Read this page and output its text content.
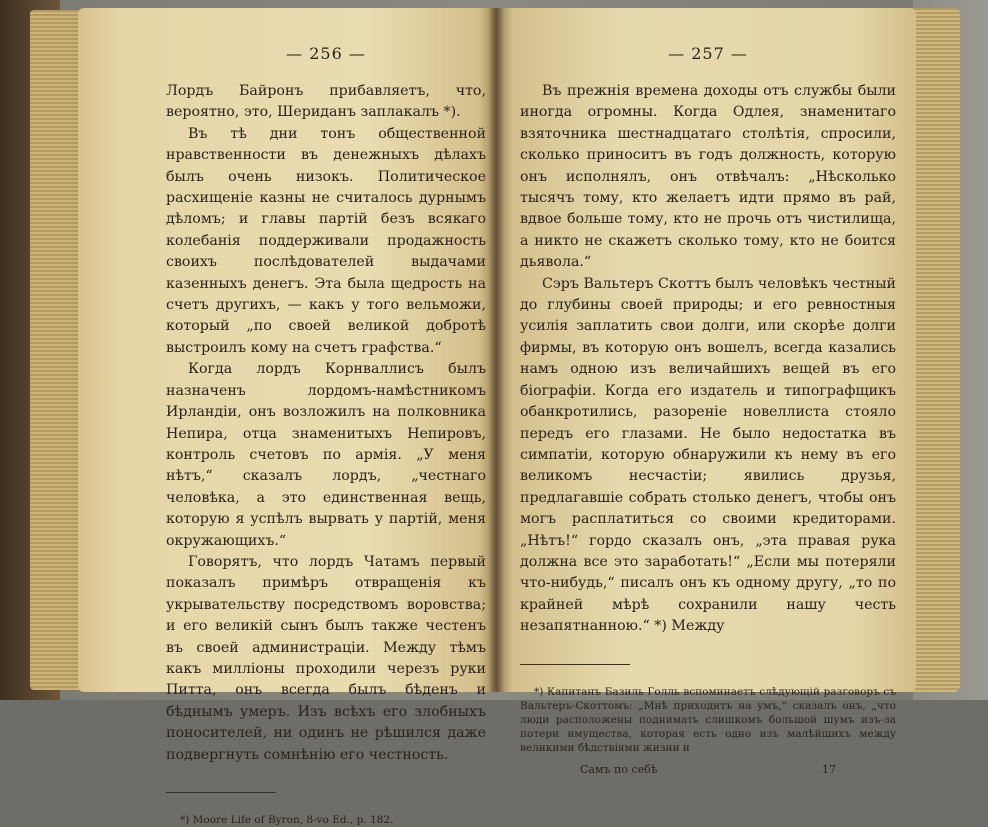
— 256 —

Лордъ Байронъ прибавляетъ, что, вероятно, это, Шериданъ заплакалъ *).

Въ тѣ дни тонъ общественной нравственности въ денежныхъ дѣлахъ былъ очень низокъ. Политическое расхищеніе казны не считалось дурнымъ дѣломъ; и главы партій безъ всякаго колебанія поддерживали продажность своихъ послѣдователей выдачами казенныхъ денегъ. Эта была щедрость на счетъ другихъ, — какъ у того вельможи, который „по своей великой добротѣ выстроилъ кому на счетъ графства.“

Когда лордъ Корнваллисъ былъ назначенъ лордомъ-намѣстникомъ Ирландіи, онъ возложилъ на полковника Непира, отца знаменитыхъ Непировъ, контроль счетовъ по армія. „У меня нѣтъ,“ сказалъ лордъ, „честнаго человѣка, а это единственная вещь, которую я успѣлъ вырвать у партій, меня окружающихъ.“

Говорятъ, что лордъ Чатамъ первый показалъ примѣръ отвращенія къ укрывательству посредствомъ воровства; и его великій сынъ былъ также честенъ въ своей администраціи. Между тѣмъ какъ милліоны проходили черезъ руки Питта, онъ всегда былъ бѣденъ и бѣднымъ умеръ. Изъ всѣхъ его злобныхъ поносителей, ни одинъ не рѣшился даже подвергнуть сомнѣнію его честность.

*) Moore Life of Byron, 8-vo Ed., p. 182.

— 257 —

Въ прежнія времена доходы отъ службы были иногда огромны. Когда Одлея, знаменитаго взяточника шестнадцатаго столѣтія, спросили, сколько приноситъ въ годъ должность, которую онъ исполнялъ, онъ отвѣчалъ: „Нѣсколько тысячъ тому, кто желаетъ идти прямо въ рай, вдвое больше тому, кто не прочь отъ чистилища, а никто не скажетъ сколько тому, кто не боится дьявола.“

Сэръ Вальтеръ Скоттъ былъ человѣкъ честный до глубины своей природы; и его ревностныя усилія заплатить свои долги, или скорѣе долги фирмы, въ которую онъ вошелъ, всегда казались намъ одною изъ величайшихъ вещей въ его біографіи. Когда его издатель и типографщикъ обанкротились, разореніе новеллиста стояло передъ его глазами. Не было недостатка въ симпатіи, которую обнаружили къ нему въ его великомъ несчастіи; явились друзья, предлагавшіе собрать столько денегъ, чтобы онъ могъ расплатиться со своими кредиторами. „Нѣтъ!“ гордо сказалъ онъ, „эта правая рука должна все это заработать!“ „Если мы потеряли что-нибудь,“ писалъ онъ къ одному другу, „то по крайней мѣрѣ сохранили нашу честь незапятнанною.“ *) Между

*) Капитанъ Базиль Голль вспоминаетъ слѣдующій разговоръ съ Вальтеръ-Скоттомъ: „Мнѣ приходитъ на умъ,“ сказалъ онъ, „что люди расположены поднимать слишкомъ большой шумъ изъ-за потери имущества, которая есть одно изъ малѣйшихъ между великими бѣдствіями жизни и

Самъ по себѣ	17
